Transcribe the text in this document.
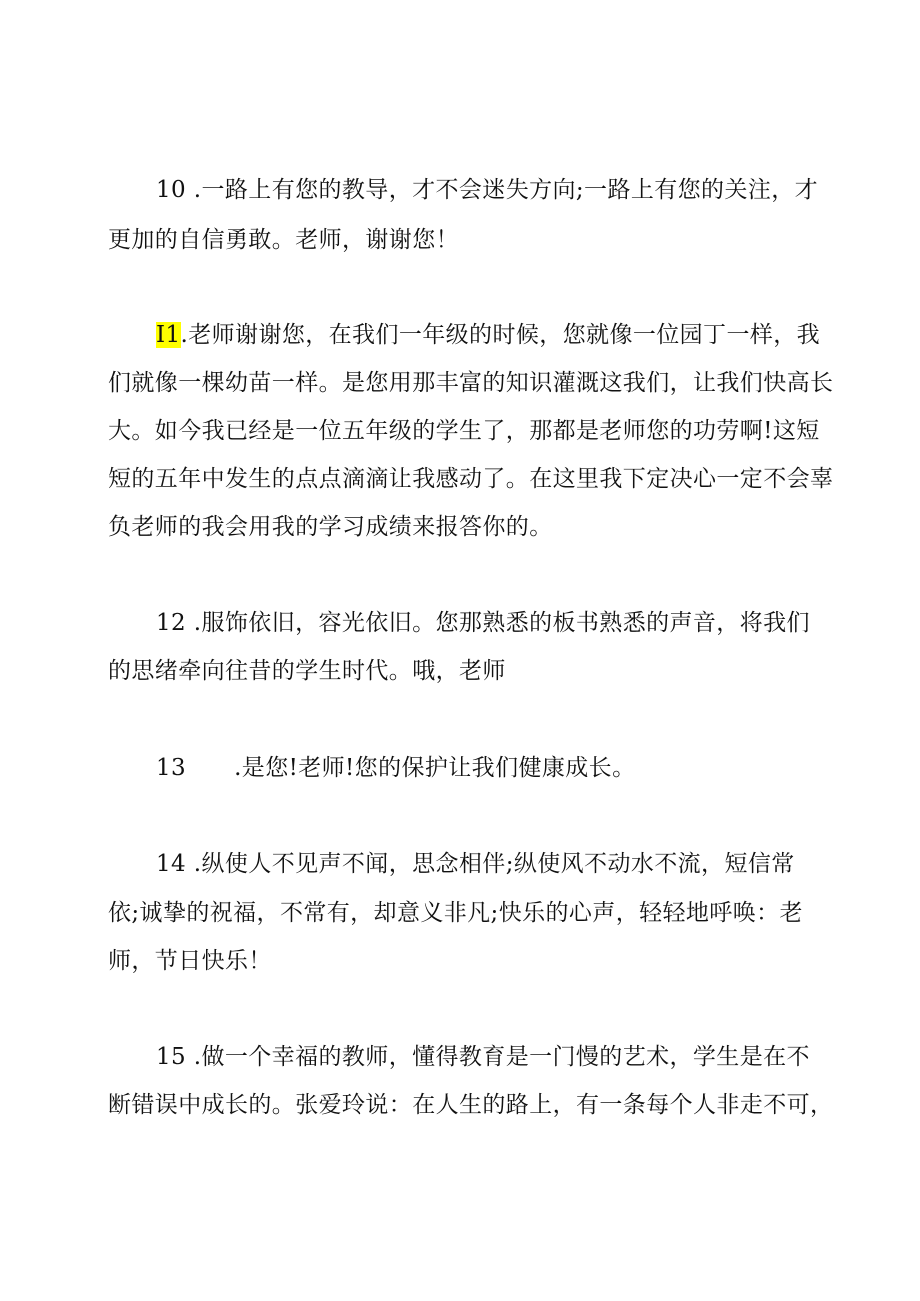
10 .一路上有您的教导，才不会迷失方向;一路上有您的关注，才
更加的自信勇敢。老师，谢谢您！
I1.老师谢谢您，在我们一年级的时候，您就像一位园丁一样，我
们就像一棵幼苗一样。是您用那丰富的知识灌溉这我们，让我们快高长
大。如今我已经是一位五年级的学生了，那都是老师您的功劳啊!这短
短的五年中发生的点点滴滴让我感动了。在这里我下定决心一定不会辜
负老师的我会用我的学习成绩来报答你的。
12 .服饰依旧，容光依旧。您那熟悉的板书熟悉的声音，将我们
的思绪牵向往昔的学生时代。哦，老师
13 .是您!老师!您的保护让我们健康成长。
14 .纵使人不见声不闻，思念相伴;纵使风不动水不流，短信常
依;诚挚的祝福，不常有，却意义非凡;快乐的心声，轻轻地呼唤：老
师，节日快乐！
15 .做一个幸福的教师，懂得教育是一门慢的艺术，学生是在不
断错误中成长的。张爱玲说：在人生的路上，有一条每个人非走不可，
